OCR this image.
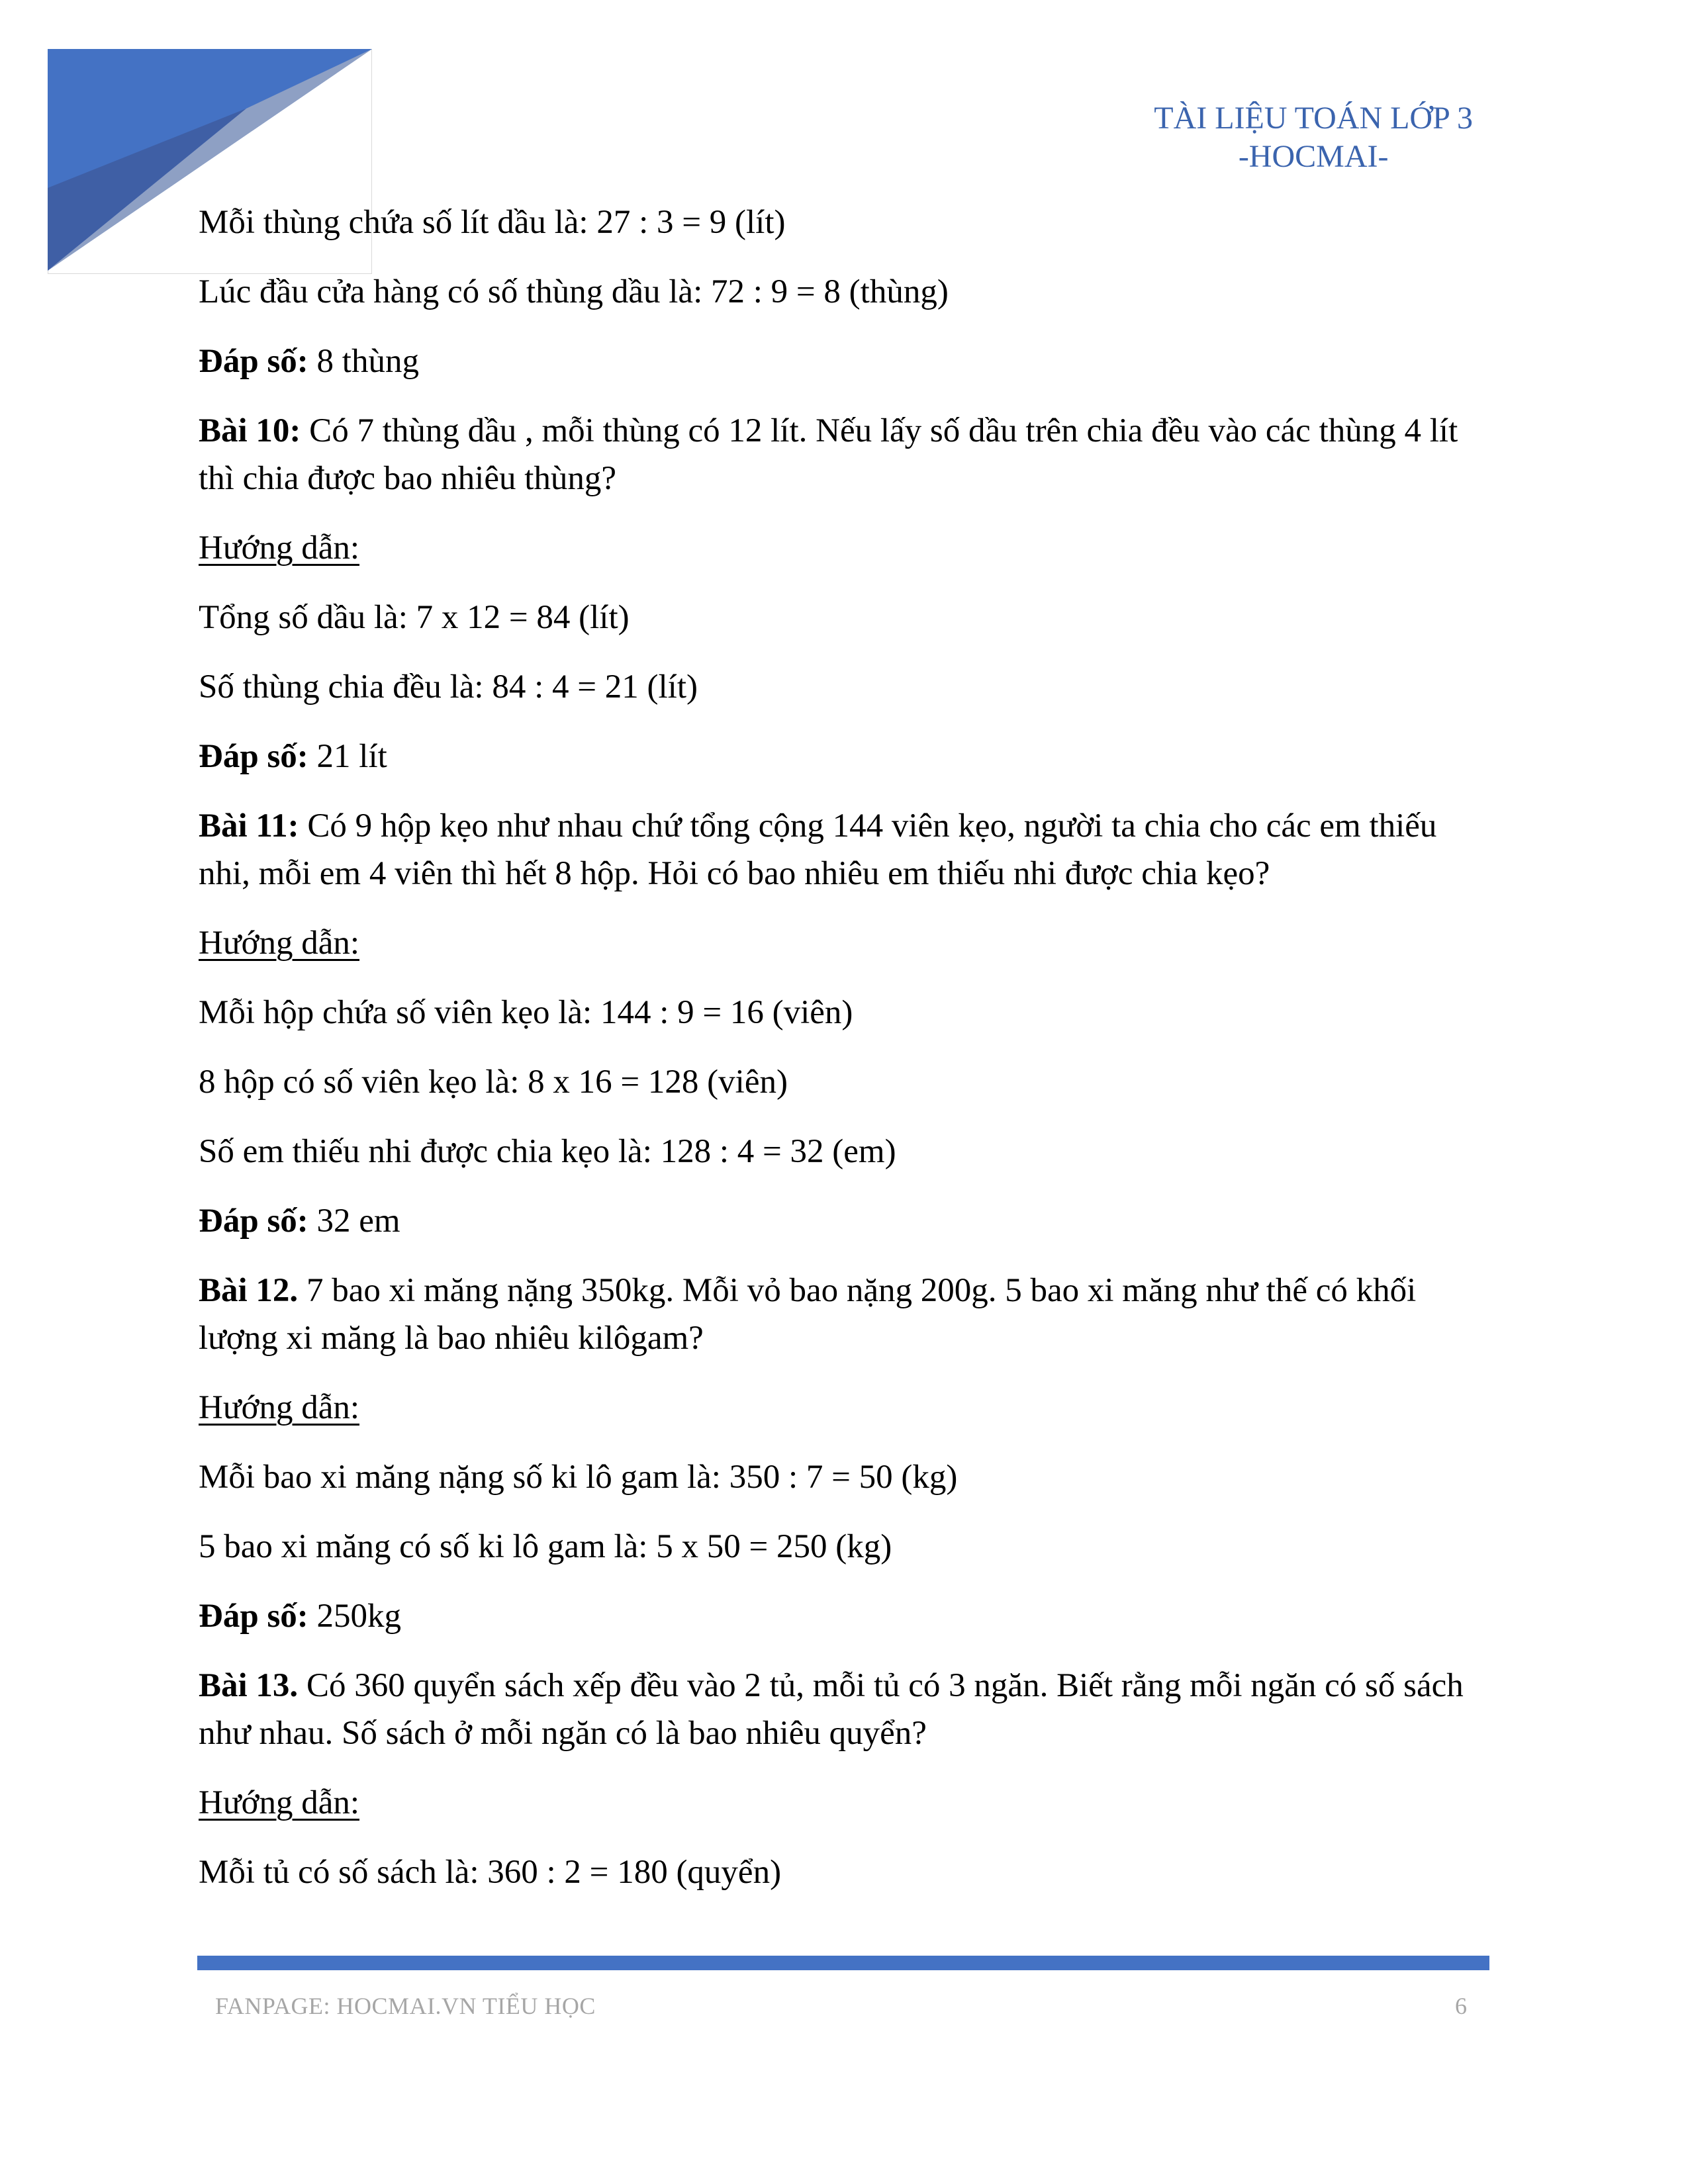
TÀI LIỆU TOÁN LỚP 3
-HOCMAI-
Mỗi thùng chứa số lít dầu là: 27 : 3 = 9 (lít)
Lúc đầu cửa hàng có số thùng dầu là: 72 : 9 = 8 (thùng)
Đáp số: 8 thùng
Bài 10: Có 7 thùng dầu , mỗi thùng có 12 lít. Nếu lấy số dầu trên chia đều vào các thùng 4 lít thì chia được bao nhiêu thùng?
Hướng dẫn:
Tổng số dầu là: 7 x 12 = 84 (lít)
Số thùng chia đều là: 84 : 4 = 21 (lít)
Đáp số: 21 lít
Bài 11: Có 9 hộp kẹo như nhau chứ tổng cộng 144 viên kẹo, người ta chia cho các em thiếu nhi, mỗi em 4 viên thì hết 8 hộp. Hỏi có bao nhiêu em thiếu nhi được chia kẹo?
Hướng dẫn:
Mỗi hộp chứa số viên kẹo là: 144 : 9 = 16 (viên)
8 hộp có số viên kẹo là: 8 x 16 = 128 (viên)
Số em thiếu nhi được chia kẹo là: 128 : 4 = 32 (em)
Đáp số: 32 em
Bài 12. 7 bao xi măng nặng 350kg. Mỗi vỏ bao nặng 200g. 5 bao xi măng như thế có khối lượng xi măng là bao nhiêu kilôgam?
Hướng dẫn:
Mỗi bao xi măng nặng số ki lô gam là: 350 : 7 = 50 (kg)
5 bao xi măng có số ki lô gam là: 5 x 50 = 250 (kg)
Đáp số: 250kg
Bài 13. Có 360 quyển sách xếp đều vào 2 tủ, mỗi tủ có 3 ngăn. Biết rằng mỗi ngăn có số sách như nhau. Số sách ở mỗi ngăn có là bao nhiêu quyển?
Hướng dẫn:
Mỗi tủ có số sách là: 360 : 2 = 180 (quyển)
FANPAGE: HOCMAI.VN TIỂU HỌC	6
